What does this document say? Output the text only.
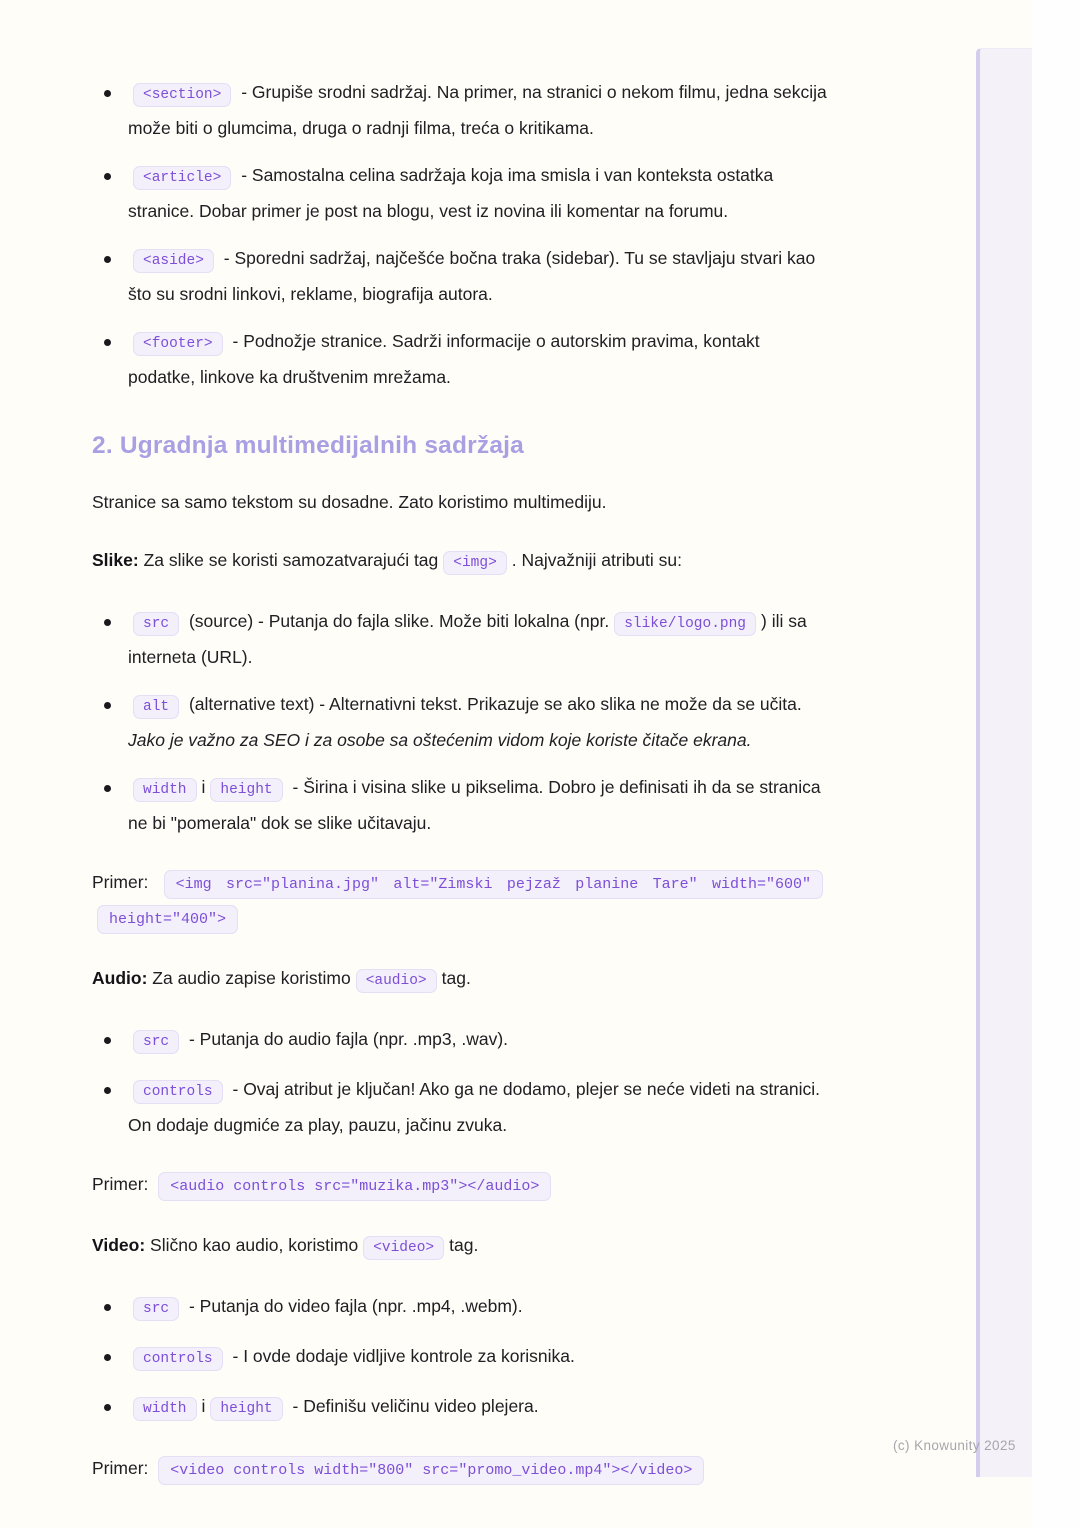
<section> - Grupiše srodni sadržaj. Na primer, na stranici o nekom filmu, jedna sekcija može biti o glumcima, druga o radnji filma, treća o kritikama.
<article> - Samostalna celina sadržaja koja ima smisla i van konteksta ostatka stranice. Dobar primer je post na blogu, vest iz novina ili komentar na forumu.
<aside> - Sporedni sadržaj, najčešće bočna traka (sidebar). Tu se stavljaju stvari kao što su srodni linkovi, reklame, biografija autora.
<footer> - Podnožje stranice. Sadrži informacije o autorskim pravima, kontakt podatke, linkove ka društvenim mrežama.
2. Ugradnja multimedijalnih sadržaja

Stranice sa samo tekstom su dosadne. Zato koristimo multimediju.

Slike: Za slike se koristi samozatvarajući tag <img> . Najvažniji atributi su:

src (source) - Putanja do fajla slike. Može biti lokalna (npr. slike/logo.png ) ili sa interneta (URL).
alt (alternative text) - Alternativni tekst. Prikazuje se ako slika ne može da se učita. Jako je važno za SEO i za osobe sa oštećenim vidom koje koriste čitače ekrana.
width i height - Širina i visina slike u pikselima. Dobro je definisati ih da se stranica ne bi "pomerala" dok se slike učitavaju.

Primer: <img src="planina.jpg" alt="Zimski pejzaž planine Tare" width="600" height="400">

Audio: Za audio zapise koristimo <audio> tag.

src - Putanja do audio fajla (npr. .mp3, .wav).
controls - Ovaj atribut je ključan! Ako ga ne dodamo, plejer se neće videti na stranici. On dodaje dugmiće za play, pauzu, jačinu zvuka.

Primer: <audio controls src="muzika.mp3"></audio>

Video: Slično kao audio, koristimo <video> tag.

src - Putanja do video fajla (npr. .mp4, .webm).
controls - I ovde dodaje vidljive kontrole za korisnika.
width i height - Definišu veličinu video plejera.

Primer: <video controls width="800" src="promo_video.mp4"></video>

(c) Knowunity 2025
